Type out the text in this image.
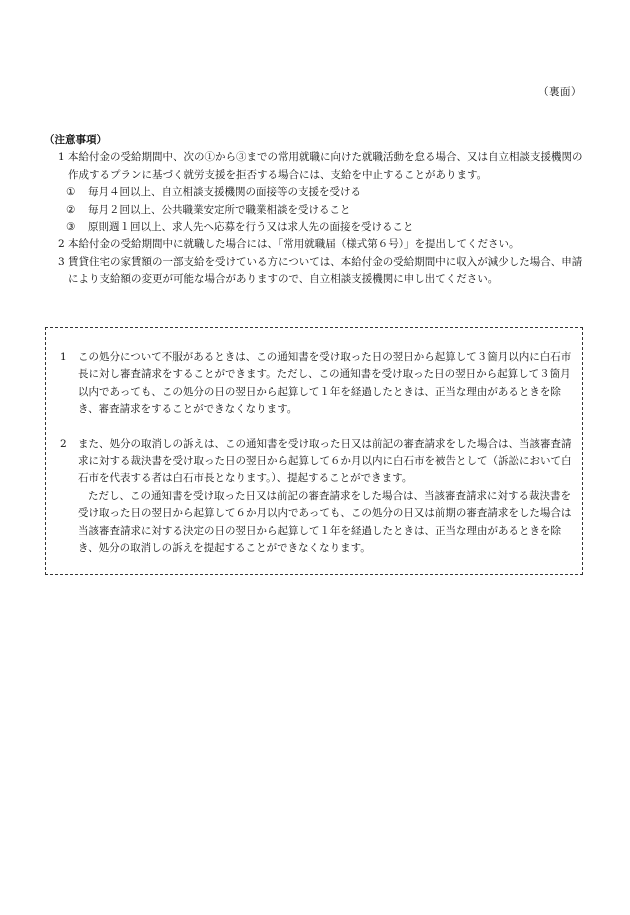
（裏面）
（注意事項）
1 本給付金の受給期間中、次の①から③までの常用就職に向けた就職活動を怠る場合、又は自立相談支援機関の作成するプランに基づく就労支援を拒否する場合には、支給を中止することがあります。
① 毎月４回以上、自立相談支援機関の面接等の支援を受ける
② 毎月２回以上、公共職業安定所で職業相談を受けること
③ 原則週１回以上、求人先へ応募を行う又は求人先の面接を受けること
2 本給付金の受給期間中に就職した場合には、「常用就職届（様式第６号）」を提出してください。
3 賃貸住宅の家賃額の一部支給を受けている方については、本給付金の受給期間中に収入が減少した場合、申請により支給額の変更が可能な場合がありますので、自立相談支援機関に申し出てください。
1 この処分について不服があるときは、この通知書を受け取った日の翌日から起算して３箇月以内に白石市長に対し審査請求をすることができます。ただし、この通知書を受け取った日の翌日から起算して３箇月以内であっても、この処分の日の翌日から起算して１年を経過したときは、正当な理由があるときを除き、審査請求をすることができなくなります。
2 また、処分の取消しの訴えは、この通知書を受け取った日又は前記の審査請求をした場合は、当該審査請求に対する裁決書を受け取った日の翌日から起算して６か月以内に白石市を被告として（訴訟において白石市を代表する者は白石市長となります。）、提起することができます。
ただし、この通知書を受け取った日又は前記の審査請求をした場合は、当該審査請求に対する裁決書を受け取った日の翌日から起算して６か月以内であっても、この処分の日又は前期の審査請求をした場合は当該審査請求に対する決定の日の翌日から起算して１年を経過したときは、正当な理由があるときを除き、処分の取消しの訴えを提起することができなくなります。
